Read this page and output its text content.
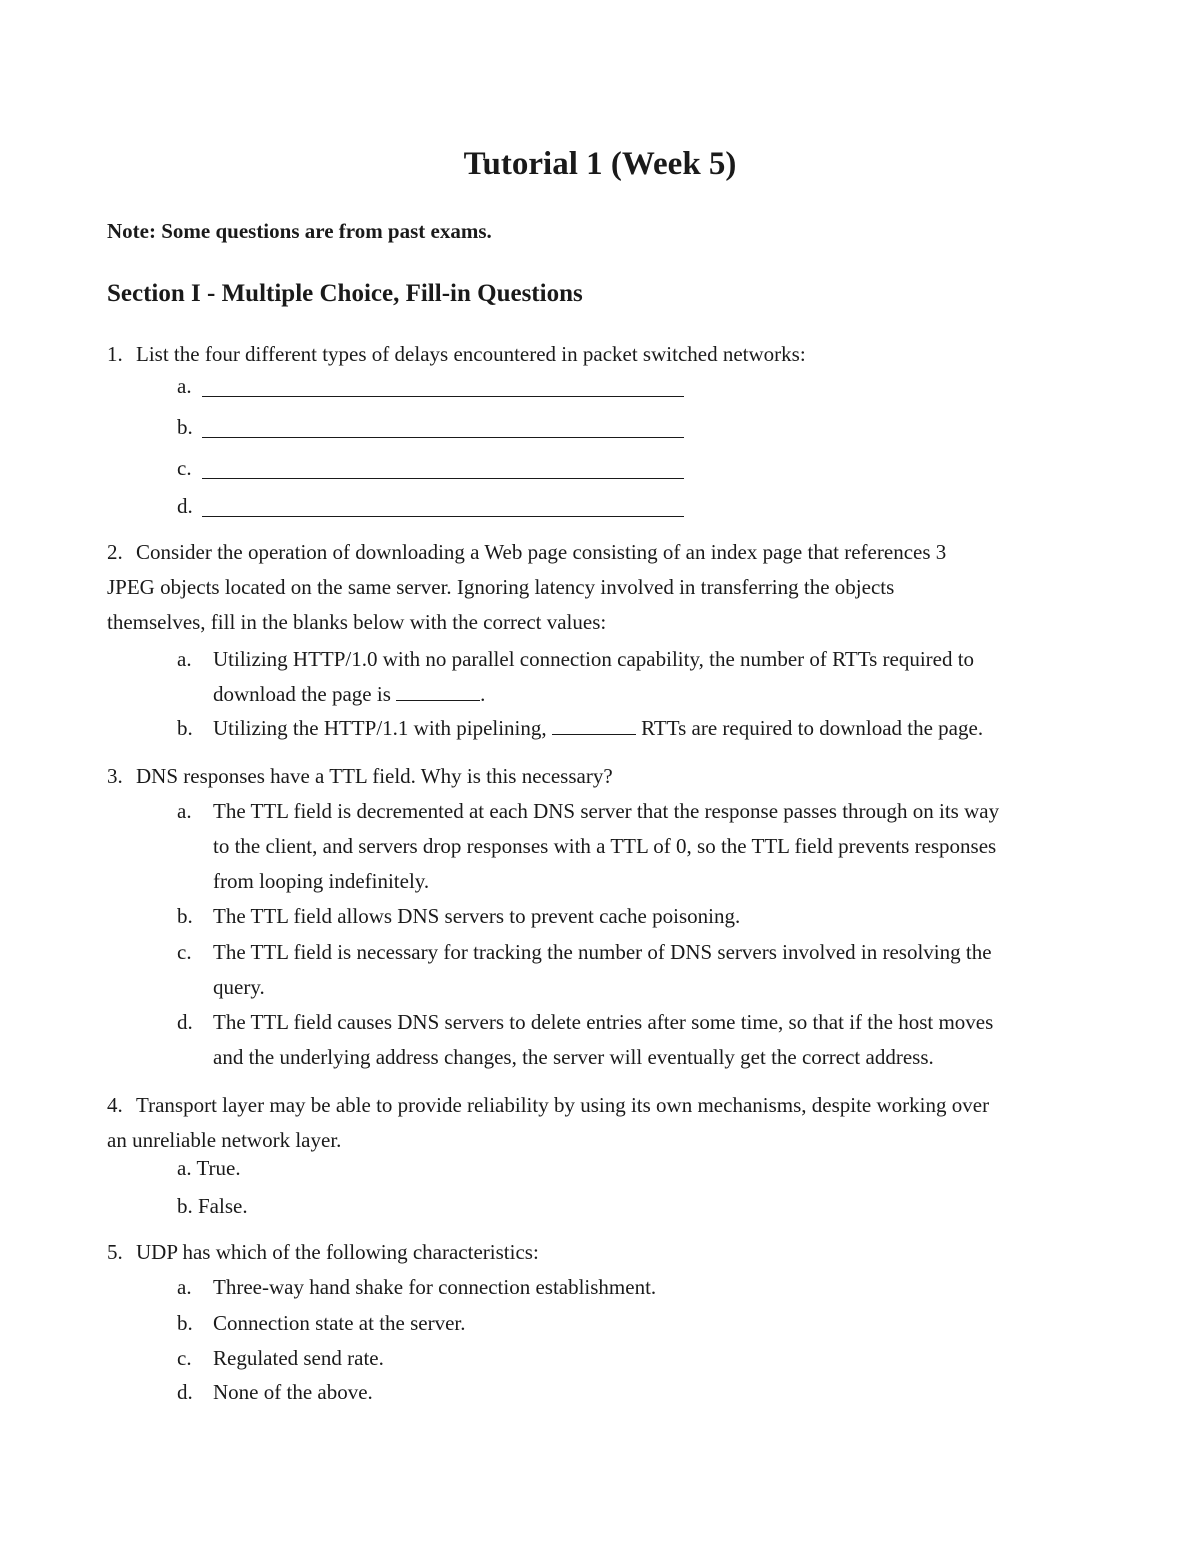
Tutorial 1 (Week 5)
Note: Some questions are from past exams.
Section I - Multiple Choice, Fill-in Questions
1. List the four different types of delays encountered in packet switched networks:
a.
b.
c.
d.
2. Consider the operation of downloading a Web page consisting of an index page that references 3
JPEG objects located on the same server. Ignoring latency involved in transferring the objects
themselves, fill in the blanks below with the correct values:
a. Utilizing HTTP/1.0 with no parallel connection capability, the number of RTTs required to
download the page is	.
b. Utilizing the HTTP/1.1 with pipelining,	RTTs are required to download the page.
3. DNS responses have a TTL field. Why is this necessary?
a. The TTL field is decremented at each DNS server that the response passes through on its way
to the client, and servers drop responses with a TTL of 0, so the TTL field prevents responses
from looping indefinitely.
b. The TTL field allows DNS servers to prevent cache poisoning.
c. The TTL field is necessary for tracking the number of DNS servers involved in resolving the
query.
d. The TTL field causes DNS servers to delete entries after some time, so that if the host moves
and the underlying address changes, the server will eventually get the correct address.
4. Transport layer may be able to provide reliability by using its own mechanisms, despite working over
an unreliable network layer.
a. True.
b. False.
5. UDP has which of the following characteristics:
a. Three-way hand shake for connection establishment.
b. Connection state at the server.
c. Regulated send rate.
d. None of the above.
